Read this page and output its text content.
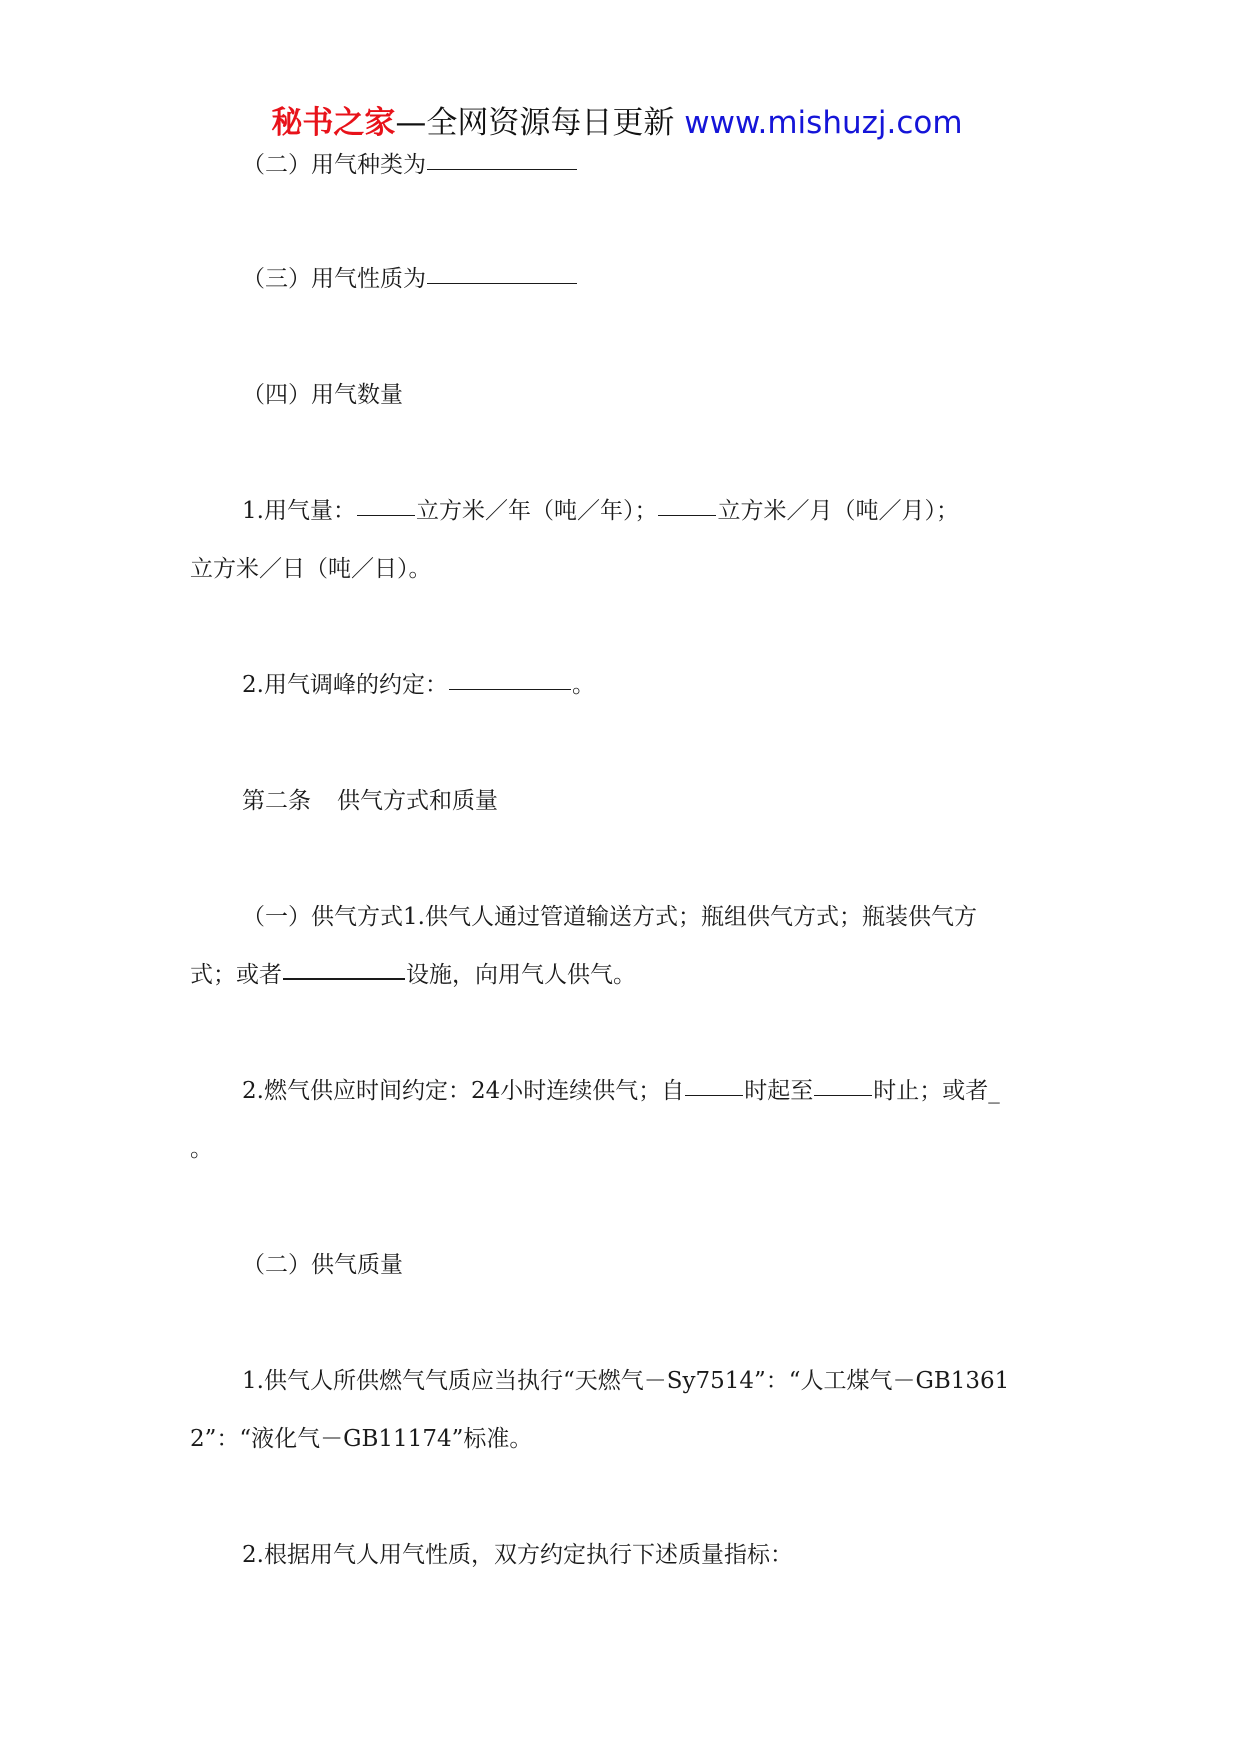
秘书之家—全网资源每日更新 www.mishuzj.com
（二）用气种类为
（三）用气性质为
（四）用气数量
1.用气量：	立方米／年（吨／年）；	立方米／月（吨／月）；
立方米／日（吨／日）。
2.用气调峰的约定：	。
第二条 供气方式和质量
（一）供气方式1.供气人通过管道输送方式；瓶组供气方式；瓶装供气方
式；或者	设施，向用气人供气。
2.燃气供应时间约定：24小时连续供气；自	时起至	时止；或者_
。
（二）供气质量
1.供气人所供燃气气质应当执行“天燃气－Sy7514”：“人工煤气－GB1361
2”：“液化气－GB11174”标准。
2.根据用气人用气性质，双方约定执行下述质量指标：
